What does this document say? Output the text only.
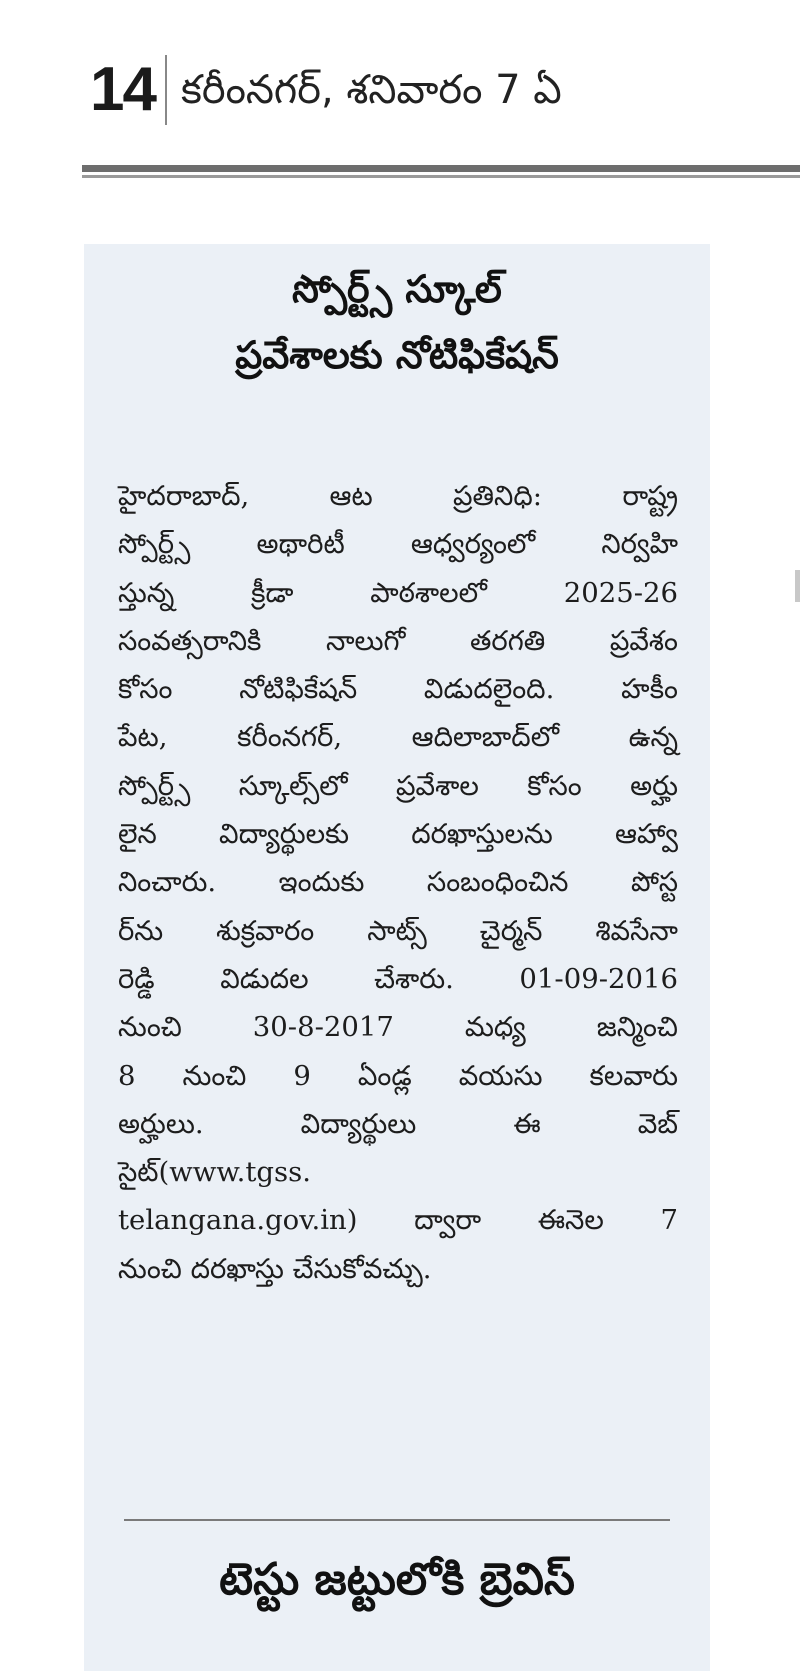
14 కరీంనగర్, శనివారం 7 ఏ
స్పోర్ట్స్ స్కూల్
ప్రవేశాలకు నోటిఫికేషన్
హైదరాబాద్, ఆట ప్రతినిధి: రాష్ట్ర
స్పోర్ట్స్ అథారిటీ ఆధ్వర్యంలో నిర్వహి
స్తున్న క్రీడా పాఠశాలలో 2025-26
సంవత్సరానికి నాలుగో తరగతి ప్రవేశం
కోసం నోటిఫికేషన్ విడుదలైంది. హకీం
పేట, కరీంనగర్, ఆదిలాబాద్‌లో ఉన్న
స్పోర్ట్స్ స్కూల్స్‌లో ప్రవేశాల కోసం అర్హు
లైన విద్యార్థులకు దరఖాస్తులను ఆహ్వా
నించారు. ఇందుకు సంబంధించిన పోస్ట
ర్‌ను శుక్రవారం సాట్స్ చైర్మన్ శివసేనా
రెడ్డి విడుదల చేశారు. 01-09-2016
నుంచి 30-8-2017 మధ్య జన్మించి
8 నుంచి 9 ఏండ్ల వయసు కలవారు
అర్హులు. విద్యార్థులు ఈ వెబ్
సైట్(www.tgss.
telangana.gov.in) ద్వారా ఈనెల 7
నుంచి దరఖాస్తు చేసుకోవచ్చు.
టెస్టు జట్టులోకి బ్రెవిస్
